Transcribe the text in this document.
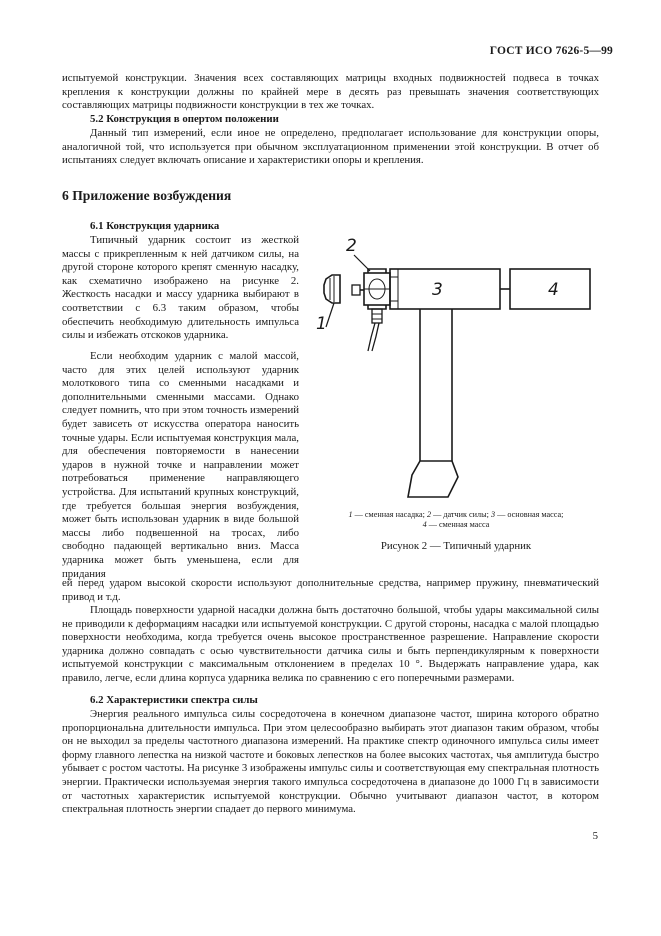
ГОСТ ИСО 7626-5—99

испытуемой конструкции. Значения всех составляющих матрицы входных подвижностей подвеса в точках крепления к конструкции должны по крайней мере в десять раз превышать значения соответствующих составляющих матрицы подвижности конструкции в тех же точках.

5.2 Конструкция в опертом положении

Данный тип измерений, если иное не определено, предполагает использование для конструкции опоры, аналогичной той, что используется при обычном эксплуатационном применении этой конструкции. В отчет об испытаниях следует включать описание и характеристики опоры и крепления.

6 Приложение возбуждения

6.1 Конструкция ударника

Типичный ударник состоит из жесткой массы с прикрепленным к ней датчиком силы, на другой стороне которого крепят сменную насадку, как схематично изображено на рисунке 2. Жесткость насадки и массу ударника выбирают в соответствии с 6.3 таким образом, чтобы обеспечить необходимую длительность импульса силы и избежать отскоков ударника.

Если необходим ударник с малой массой, часто для этих целей используют ударник молоткового типа со сменными насадками и дополнительными сменными массами. Однако следует помнить, что при этом точность измерений будет зависеть от искусства оператора наносить точные удары. Если испытуемая конструкция мала, для обеспечения повторяемости в нанесении ударов в нужной точке и направлении может потребоваться применение направляющего устройства. Для испытаний крупных конструкций, где требуется большая энергия возбуждения, может быть использован ударник в виде большой массы либо подвешенной на тросах, либо свободно падающей вертикально вниз. Масса ударника может быть уменьшена, если для придания

ей перед ударом высокой скорости используют дополнительные средства, например пружину, пневматический привод и т.д.

Площадь поверхности ударной насадки должна быть достаточно большой, чтобы удары максимальной силы не приводили к деформациям насадки или испытуемой конструкции. С другой стороны, насадка с малой площадью поверхности необходима, когда требуется очень высокое пространственное разрешение. Направление скорости ударника должно совпадать с осью чувствительности датчика силы и быть перпендикулярным к поверхности испытуемой конструкции с максимальным отклонением в пределах 10 °. Выдержать направление удара, как правило, легче, если длина корпуса ударника велика по сравнению с его поперечными размерами.

6.2 Характеристики спектра силы

Энергия реального импульса силы сосредоточена в конечном диапазоне частот, ширина которого обратно пропорциональна длительности импульса. При этом целесообразно выбирать этот диапазон таким образом, чтобы он не выходил за пределы частотного диапазона измерений. На практике спектр одиночного импульса силы имеет форму главного лепестка на низкой частоте и боковых лепестков на более высоких частотах, чья амплитуда быстро убывает с ростом частоты. На рисунке 3 изображены импульс силы и соответствующая ему спектральная плотность энергии. Практически используемая энергия такого импульса сосредоточена в диапазоне до 1000 Гц в зависимости от частотных характеристик испытуемой конструкции. Обычно учитывают диапазон частот, в котором спектральная плотность энергии спадает до первого минимума.

2
3	4
1

1 — сменная насадка; 2 — датчик силы; 3 — основная масса;
4 — сменная масса

Рисунок 2 — Типичный ударник

5
